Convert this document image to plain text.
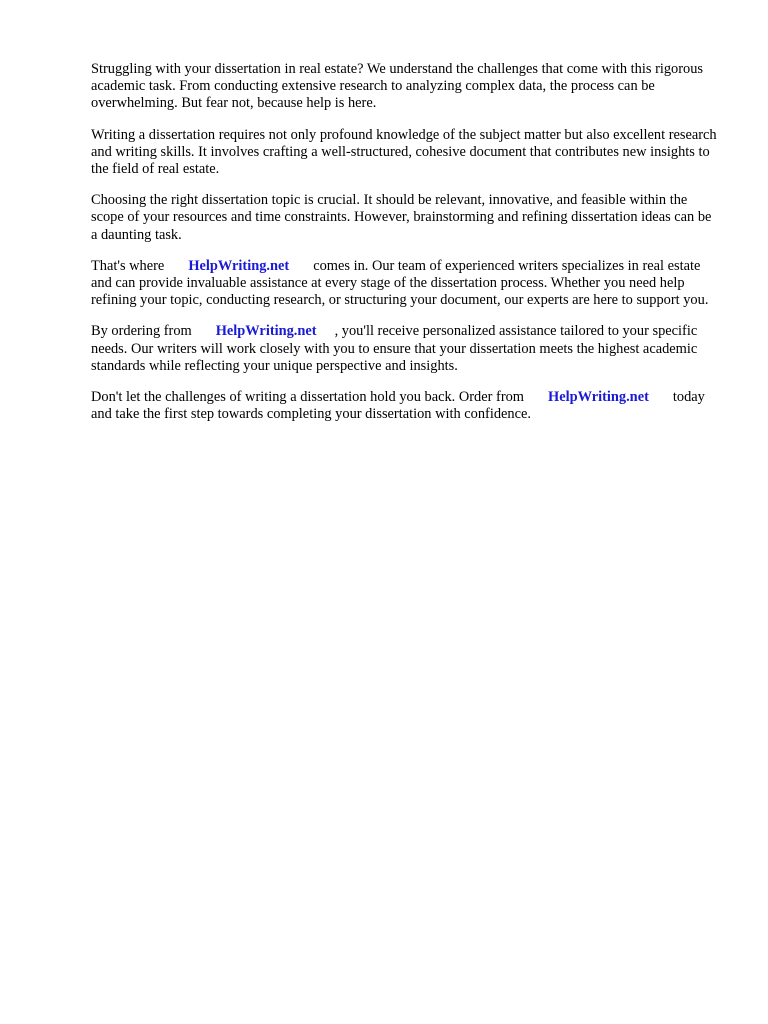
Struggling with your dissertation in real estate? We understand the challenges that come with this rigorous academic task. From conducting extensive research to analyzing complex data, the process can be overwhelming. But fear not, because help is here.

Writing a dissertation requires not only profound knowledge of the subject matter but also excellent research and writing skills. It involves crafting a well-structured, cohesive document that contributes new insights to the field of real estate.

Choosing the right dissertation topic is crucial. It should be relevant, innovative, and feasible within the scope of your resources and time constraints. However, brainstorming and refining dissertation ideas can be a daunting task.

That's where HelpWriting.net comes in. Our team of experienced writers specializes in real estate and can provide invaluable assistance at every stage of the dissertation process. Whether you need help refining your topic, conducting research, or structuring your document, our experts are here to support you.

By ordering from HelpWriting.net , you'll receive personalized assistance tailored to your specific needs. Our writers will work closely with you to ensure that your dissertation meets the highest academic standards while reflecting your unique perspective and insights.

Don't let the challenges of writing a dissertation hold you back. Order from HelpWriting.net today and take the first step towards completing your dissertation with confidence.
